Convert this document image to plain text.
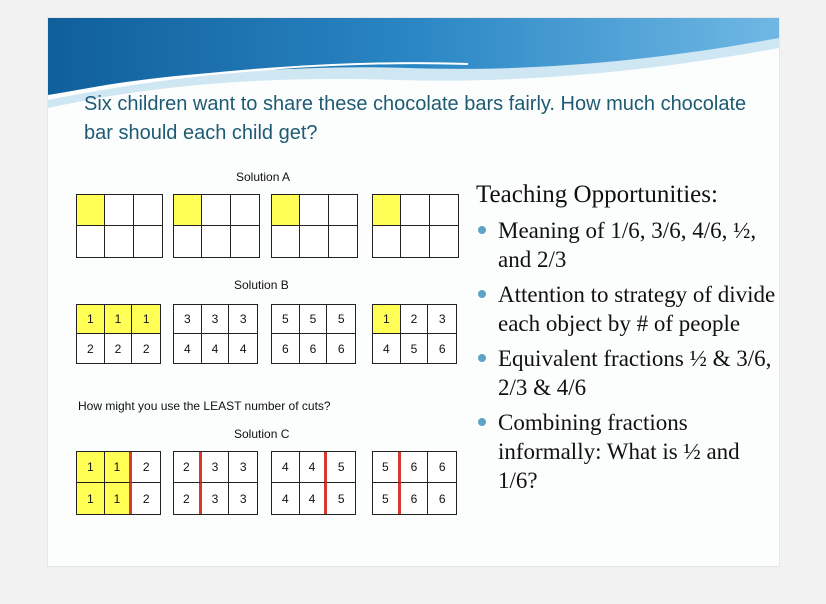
Six children want to share these chocolate bars fairly. How much chocolate bar should each child get?
Solution A
Solution B
How might you use the LEAST number of cuts?
Solution C
1	1	1
2	2	2
3	3	3
4	4	4
5	5	5
6	6	6
1	2	3
4	5	6
1	1	2
1	1	2
2	3	3
2	3	3
4	4	5
4	4	5
5	6	6
5	6	6
Teaching Opportunities:
Meaning of 1/6, 3/6, 4/6, ½, and 2/3
Attention to strategy of divide each object by # of people
Equivalent fractions ½ & 3/6, 2/3 & 4/6
Combining fractions informally: What is ½ and 1/6?
